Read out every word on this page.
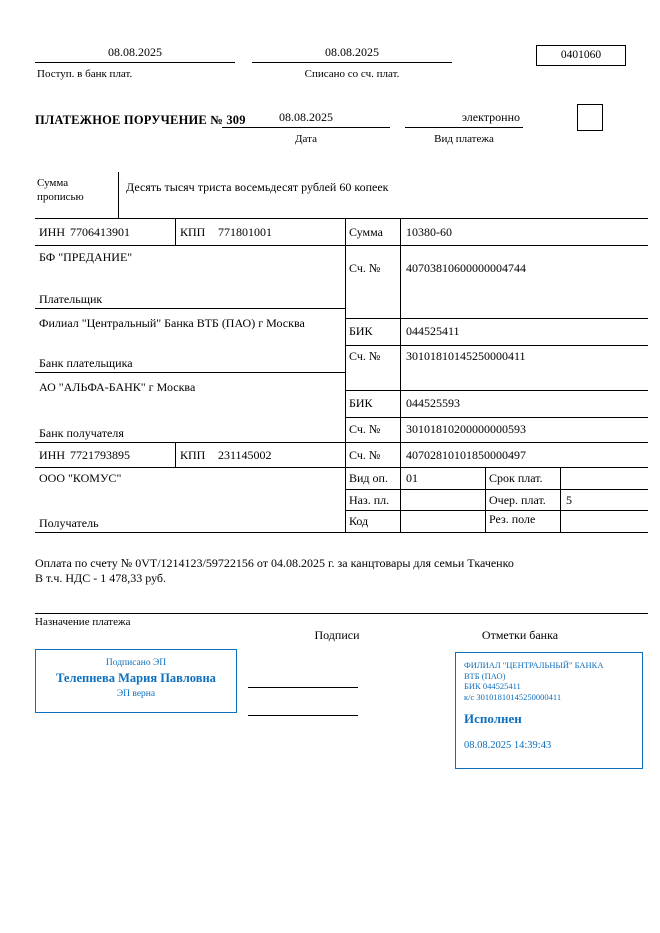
08.08.2025
Поступ. в банк плат.
08.08.2025
Списано со сч. плат.
0401060
ПЛАТЕЖНОЕ ПОРУЧЕНИЕ № 309	08.08.2025
Дата
электронно
Вид платежа
Сумма
прописью
Десять тысяч триста восемьдесят рублей 60 копеек
ИНН 7706413901	КПП 771801001	Сумма 10380-60
БФ "ПРЕДАНИЕ"
Плательщик
Сч. № 40703810600000004744
Филиал "Центральный" Банка ВТБ (ПАО) г Москва
Банк плательщика
БИК	044525411
Сч. № 30101810145250000411
АО "АЛЬФА-БАНК" г Москва
Банк получателя
БИК	044525593
Сч. № 30101810200000000593
ИНН 7721793895	КПП 231145002	Сч. № 40702810101850000497
ООО "КОМУС"
Получатель
Вид оп. 01	Срок плат.
Наз. пл.	Очер. плат. 5
Код	Рез. поле
Оплата по счету № 0VT/1214123/59722156 от 04.08.2025 г. за канцтовары для семьи Ткаченко
В т.ч. НДС - 1 478,33 руб.
Назначение платежа
Подписи	Отметки банка
Подписано ЭП
Телепнева Мария Павловна
ЭП верна
ФИЛИАЛ "ЦЕНТРАЛЬНЫЙ" БАНКА
ВТБ (ПАО)
БИК 044525411
к/с 30101810145250000411
Исполнен
08.08.2025 14:39:43
